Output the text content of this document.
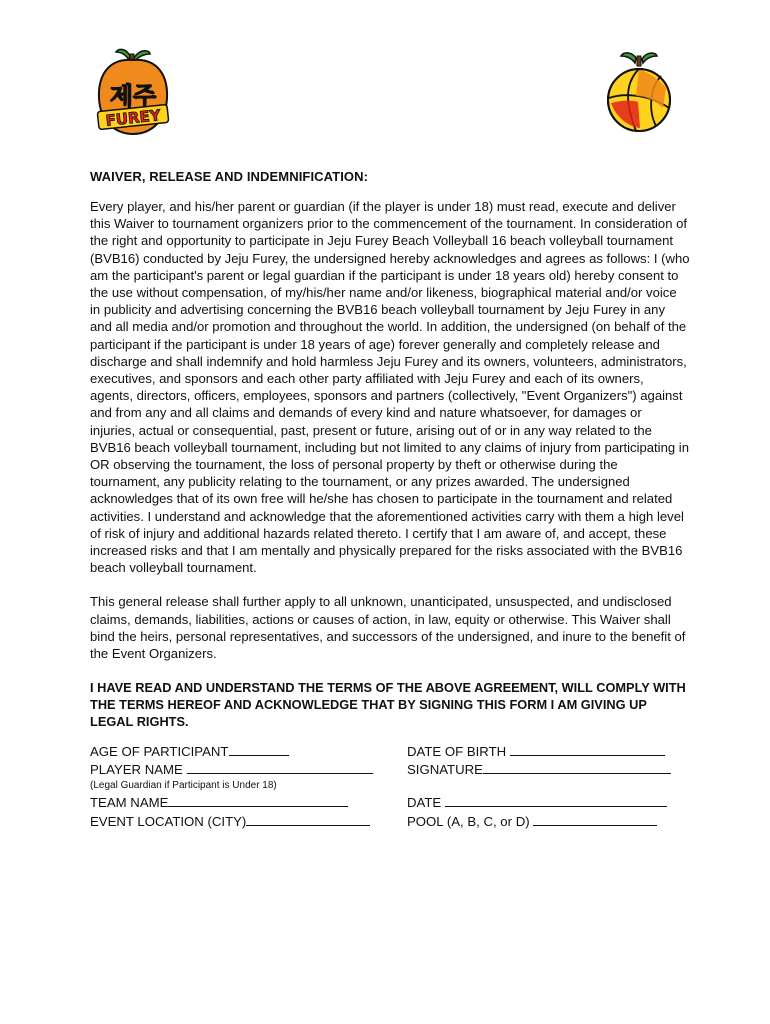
제주
FUREY
WAIVER, RELEASE AND INDEMNIFICATION:

Every player, and his/her parent or guardian (if the player is under 18) must read, execute and deliver this Waiver to tournament organizers prior to the commencement of the tournament. In consideration of the right and opportunity to participate in Jeju Furey Beach Volleyball 16 beach volleyball tournament (BVB16) conducted by Jeju Furey, the undersigned hereby acknowledges and agrees as follows: I (who am the participant's parent or legal guardian if the participant is under 18 years old) hereby consent to the use without compensation, of my/his/her name and/or likeness, biographical material and/or voice in publicity and advertising concerning the BVB16 beach volleyball tournament by Jeju Furey in any and all media and/or promotion and throughout the world. In addition, the undersigned (on behalf of the participant if the participant is under 18 years of age) forever generally and completely release and discharge and shall indemnify and hold harmless Jeju Furey and its owners, volunteers, administrators, executives, and sponsors and each other party affiliated with Jeju Furey and each of its owners, agents, directors, officers, employees, sponsors and partners (collectively, "Event Organizers") against and from any and all claims and demands of every kind and nature whatsoever, for damages or injuries, actual or consequential, past, present or future, arising out of or in any way related to the BVB16 beach volleyball tournament, including but not limited to any claims of injury from participating in OR observing the tournament, the loss of personal property by theft or otherwise during the tournament, any publicity relating to the tournament, or any prizes awarded. The undersigned acknowledges that of its own free will he/she has chosen to participate in the tournament and related activities. I understand and acknowledge that the aforementioned activities carry with them a high level of risk of injury and additional hazards related thereto. I certify that I am aware of, and accept, these increased risks and that I am mentally and physically prepared for the risks associated with the BVB16 beach volleyball tournament.

This general release shall further apply to all unknown, unanticipated, unsuspected, and undisclosed claims, demands, liabilities, actions or causes of action, in law, equity or otherwise. This Waiver shall bind the heirs, personal representatives, and successors of the undersigned, and inure to the benefit of the Event Organizers.

I HAVE READ AND UNDERSTAND THE TERMS OF THE ABOVE AGREEMENT, WILL COMPLY WITH THE TERMS HEREOF AND ACKNOWLEDGE THAT BY SIGNING THIS FORM I AM GIVING UP LEGAL RIGHTS.

AGE OF PARTICIPANT	DATE OF BIRTH
PLAYER NAME	SIGNATURE
(Legal Guardian if Participant is Under 18)
TEAM NAME	DATE
EVENT LOCATION (CITY)	POOL (A, B, C, or D)
